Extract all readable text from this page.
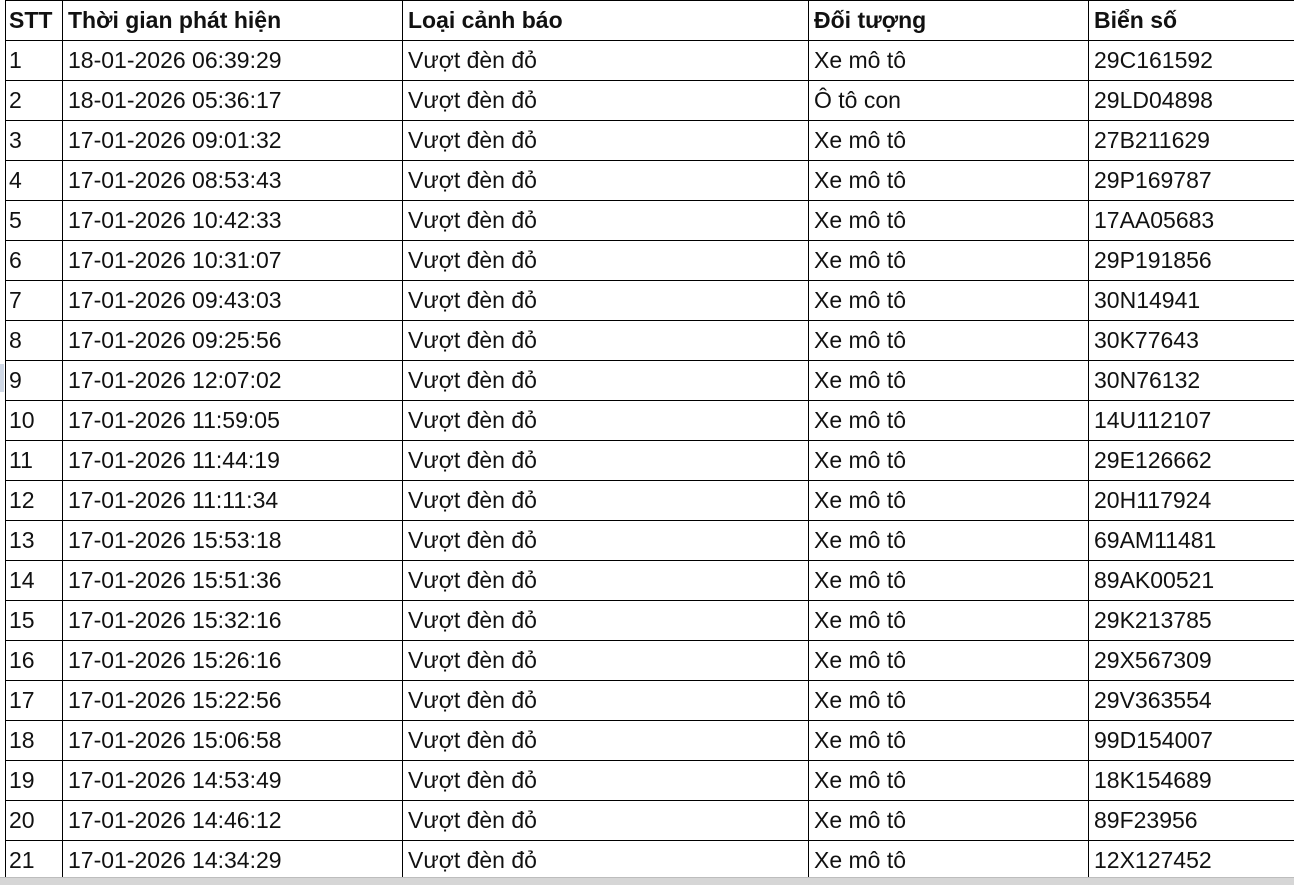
STT	Thời gian phát hiện	Loại cảnh báo	Đối tượng	Biển số
1	18-01-2026 06:39:29	Vượt đèn đỏ	Xe mô tô	29C161592
2	18-01-2026 05:36:17	Vượt đèn đỏ	Ô tô con	29LD04898
3	17-01-2026 09:01:32	Vượt đèn đỏ	Xe mô tô	27B211629
4	17-01-2026 08:53:43	Vượt đèn đỏ	Xe mô tô	29P169787
5	17-01-2026 10:42:33	Vượt đèn đỏ	Xe mô tô	17AA05683
6	17-01-2026 10:31:07	Vượt đèn đỏ	Xe mô tô	29P191856
7	17-01-2026 09:43:03	Vượt đèn đỏ	Xe mô tô	30N14941
8	17-01-2026 09:25:56	Vượt đèn đỏ	Xe mô tô	30K77643
9	17-01-2026 12:07:02	Vượt đèn đỏ	Xe mô tô	30N76132
10	17-01-2026 11:59:05	Vượt đèn đỏ	Xe mô tô	14U112107
11	17-01-2026 11:44:19	Vượt đèn đỏ	Xe mô tô	29E126662
12	17-01-2026 11:11:34	Vượt đèn đỏ	Xe mô tô	20H117924
13	17-01-2026 15:53:18	Vượt đèn đỏ	Xe mô tô	69AM11481
14	17-01-2026 15:51:36	Vượt đèn đỏ	Xe mô tô	89AK00521
15	17-01-2026 15:32:16	Vượt đèn đỏ	Xe mô tô	29K213785
16	17-01-2026 15:26:16	Vượt đèn đỏ	Xe mô tô	29X567309
17	17-01-2026 15:22:56	Vượt đèn đỏ	Xe mô tô	29V363554
18	17-01-2026 15:06:58	Vượt đèn đỏ	Xe mô tô	99D154007
19	17-01-2026 14:53:49	Vượt đèn đỏ	Xe mô tô	18K154689
20	17-01-2026 14:46:12	Vượt đèn đỏ	Xe mô tô	89F23956
21	17-01-2026 14:34:29	Vượt đèn đỏ	Xe mô tô	12X127452
